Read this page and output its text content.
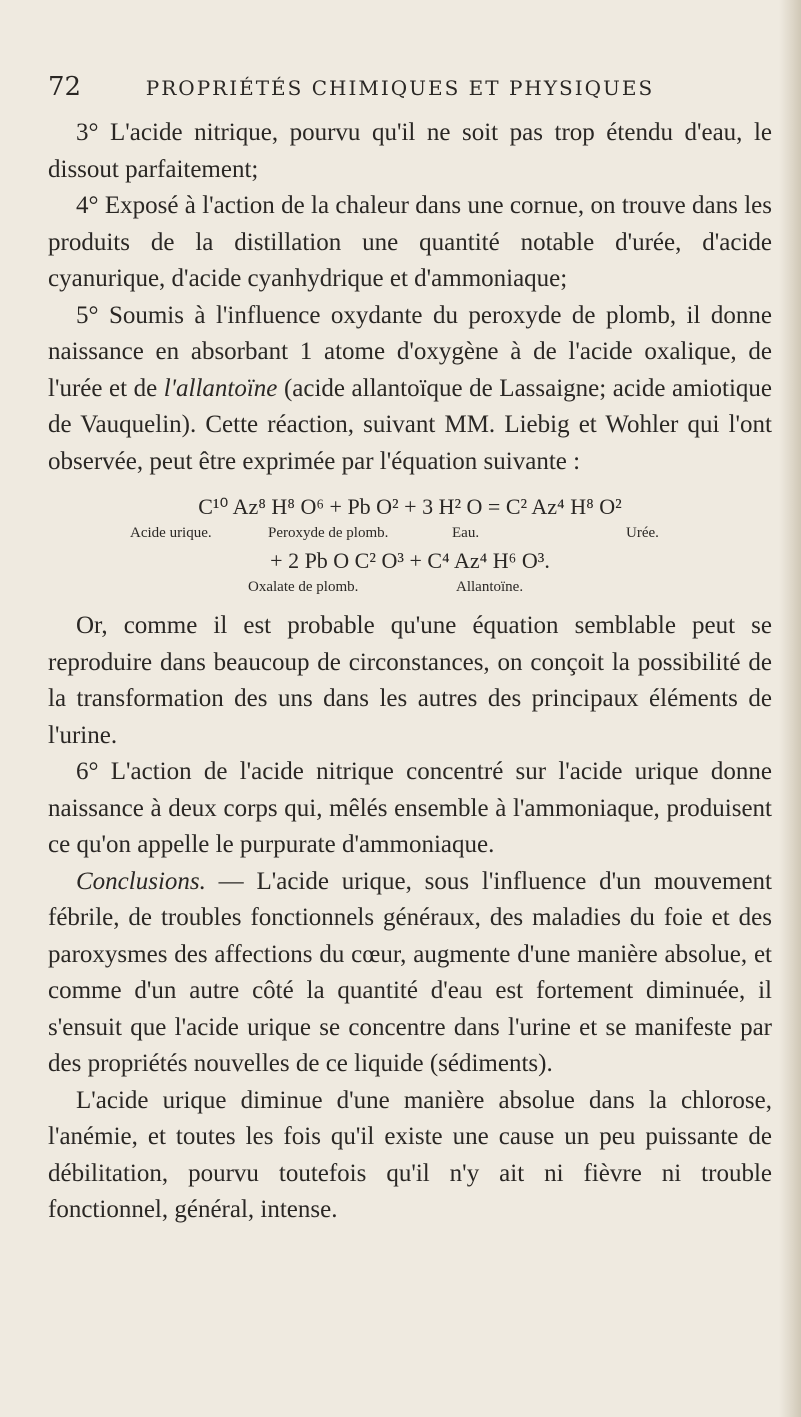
72	PROPRIÉTÉS CHIMIQUES ET PHYSIQUES

3° L'acide nitrique, pourvu qu'il ne soit pas trop étendu d'eau, le dissout parfaitement;

4° Exposé à l'action de la chaleur dans une cornue, on trouve dans les produits de la distillation une quantité notable d'urée, d'acide cyanurique, d'acide cyanhydrique et d'ammoniaque;

5° Soumis à l'influence oxydante du peroxyde de plomb, il donne naissance en absorbant 1 atome d'oxygène à de l'acide oxalique, de l'urée et de l'allantoïne (acide allantoïque de Lassaigne; acide amiotique de Vauquelin). Cette réaction, suivant MM. Liebig et Wohler qui l'ont observée, peut être exprimée par l'équation suivante :

C¹⁰ Az⁸ H⁸ O⁶ + Pb O² + 3 H² O = C² Az⁴ H⁸ O²
Acide urique.	Peroxyde de plomb.	Eau.	Urée.
+ 2 Pb O C² O³ + C⁴ Az⁴ H⁶ O³.
Oxalate de plomb.	Allantoïne.

Or, comme il est probable qu'une équation semblable peut se reproduire dans beaucoup de circonstances, on conçoit la possibilité de la transformation des uns dans les autres des principaux éléments de l'urine.

6° L'action de l'acide nitrique concentré sur l'acide urique donne naissance à deux corps qui, mêlés ensemble à l'ammoniaque, produisent ce qu'on appelle le purpurate d'ammoniaque.

Conclusions. — L'acide urique, sous l'influence d'un mouvement fébrile, de troubles fonctionnels généraux, des maladies du foie et des paroxysmes des affections du cœur, augmente d'une manière absolue, et comme d'un autre côté la quantité d'eau est fortement diminuée, il s'ensuit que l'acide urique se concentre dans l'urine et se manifeste par des propriétés nouvelles de ce liquide (sédiments).

L'acide urique diminue d'une manière absolue dans la chlorose, l'anémie, et toutes les fois qu'il existe une cause un peu puissante de débilitation, pourvu toutefois qu'il n'y ait ni fièvre ni trouble fonctionnel, général, intense.
